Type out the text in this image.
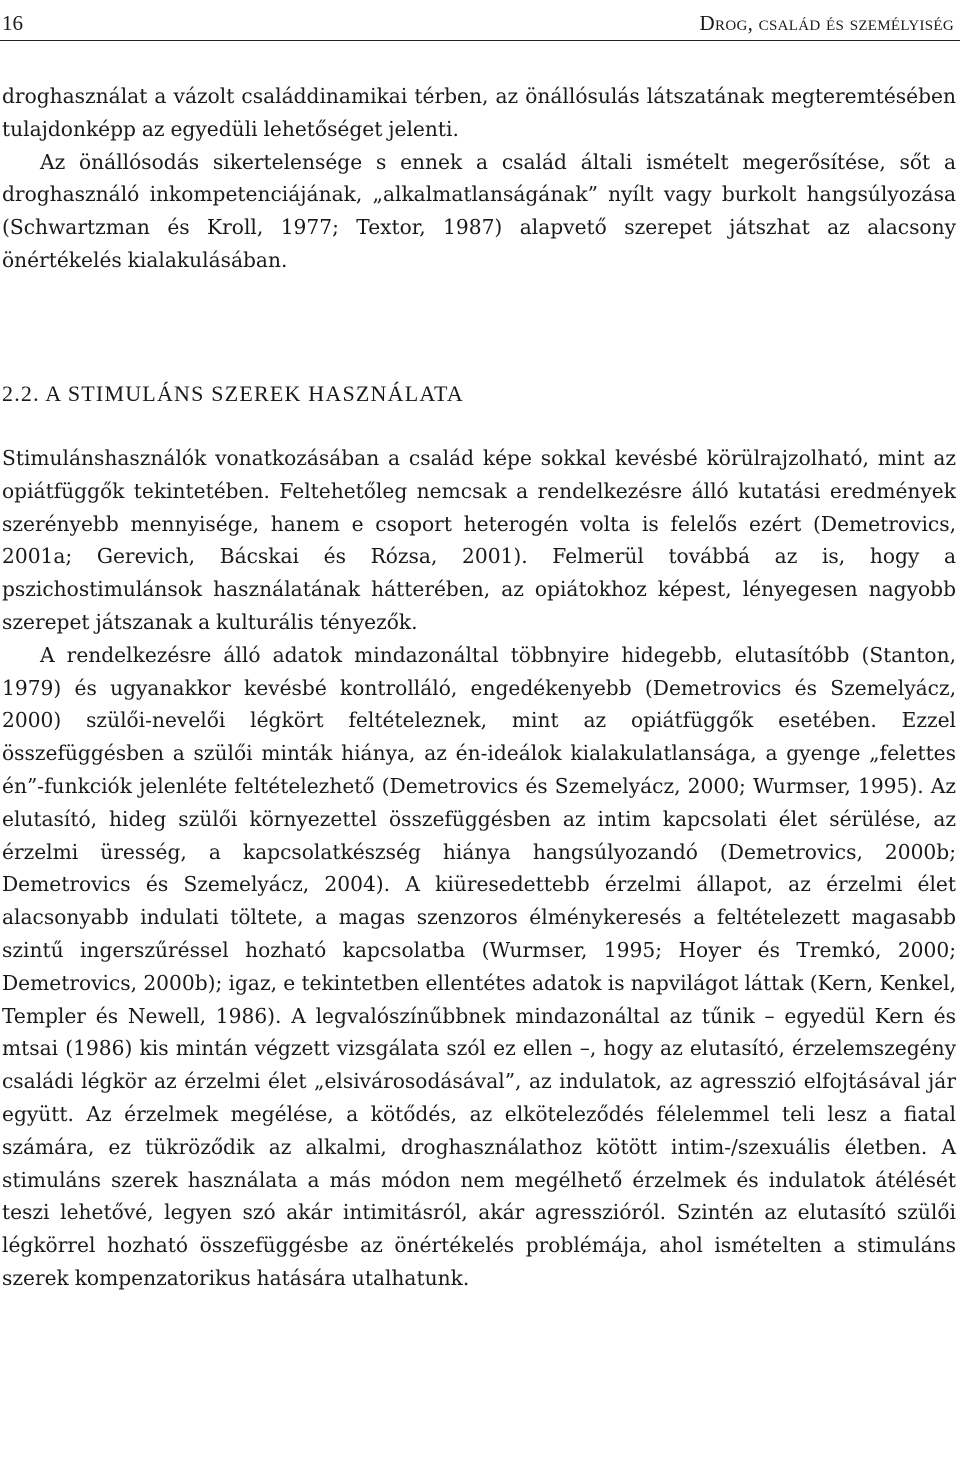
16	Drog, család és személyiség

droghasználat a vázolt családdinamikai térben, az önállósulás látszatának megteremtésében tulajdonképp az egyedüli lehetőséget jelenti.

Az önállósodás sikertelensége s ennek a család általi ismételt megerősítése, sőt a droghasználó inkompetenciájának, „alkalmatlanságának” nyílt vagy burkolt hangsúlyozása (Schwartzman és Kroll, 1977; Textor, 1987) alapvető szerepet játszhat az alacsony önértékelés kialakulásában.

2.2. A STIMULÁNS SZEREK HASZNÁLATA

Stimulánshasználók vonatkozásában a család képe sokkal kevésbé körülrajzolható, mint az opiátfüggők tekintetében. Feltehetőleg nemcsak a rendelkezésre álló kutatási eredmények szerényebb mennyisége, hanem e csoport heterogén volta is felelős ezért (Demetrovics, 2001a; Gerevich, Bácskai és Rózsa, 2001). Felmerül továbbá az is, hogy a pszichostimulánsok használatának hátterében, az opiátokhoz képest, lényegesen nagyobb szerepet játszanak a kulturális tényezők.

A rendelkezésre álló adatok mindazonáltal többnyire hidegebb, elutasítóbb (Stanton, 1979) és ugyanakkor kevésbé kontrolláló, engedékenyebb (Demetrovics és Szemelyácz, 2000) szülői-nevelői légkört feltételeznek, mint az opiátfüggők esetében. Ezzel összefüggésben a szülői minták hiánya, az én-ideálok kialakulatlansága, a gyenge „felettes én”-funkciók jelenléte feltételezhető (Demetrovics és Szemelyácz, 2000; Wurmser, 1995). Az elutasító, hideg szülői környezettel összefüggésben az intim kapcsolati élet sérülése, az érzelmi üresség, a kapcsolatkészség hiánya hangsúlyozandó (Demetrovics, 2000b; Demetrovics és Szemelyácz, 2004). A kiüresedettebb érzelmi állapot, az érzelmi élet alacsonyabb indulati töltete, a magas szenzoros élménykeresés a feltételezett magasabb szintű ingerszűréssel hozható kapcsolatba (Wurmser, 1995; Hoyer és Tremkó, 2000; Demetrovics, 2000b); igaz, e tekintetben ellentétes adatok is napvilágot láttak (Kern, Kenkel, Templer és Newell, 1986). A legvalószínűbbnek mindazonáltal az tűnik – egyedül Kern és mtsai (1986) kis mintán végzett vizsgálata szól ez ellen –, hogy az elutasító, érzelemszegény családi légkör az érzelmi élet „elsivárosodásával”, az indulatok, az agresszió elfojtásával jár együtt. Az érzelmek megélése, a kötődés, az elköteleződés félelemmel teli lesz a fiatal számára, ez tükröződik az alkalmi, droghasználathoz kötött intim-/szexuális életben. A stimuláns szerek használata a más módon nem megélhető érzelmek és indulatok átélését teszi lehetővé, legyen szó akár intimitásról, akár agresszióról. Szintén az elutasító szülői légkörrel hozható összefüggésbe az önértékelés problémája, ahol ismételten a stimuláns szerek kompenzatorikus hatására utalhatunk.
